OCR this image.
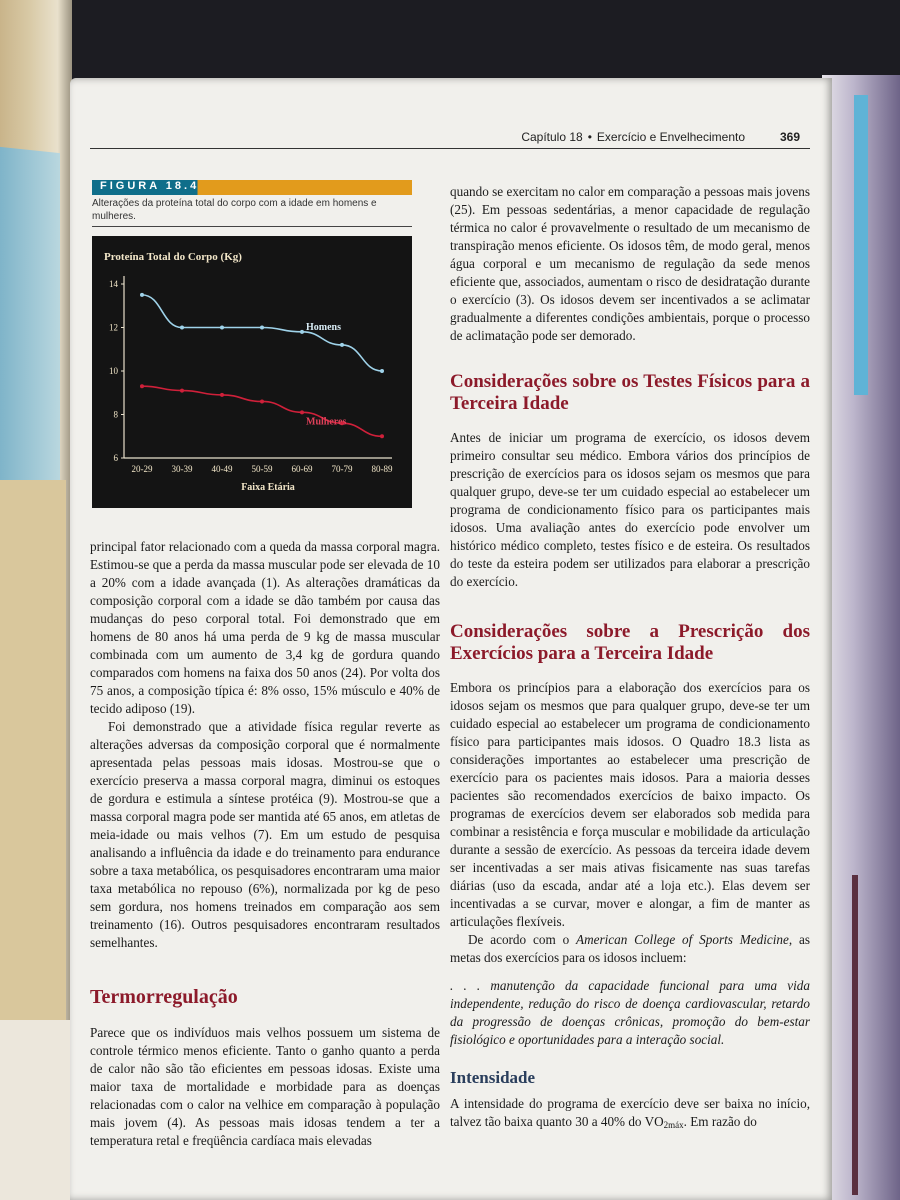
Capítulo 18 • Exercício e Envelhecimento	369
FIGURA 18.4
Alterações da proteína total do corpo com a idade em homens e mulheres.
Proteína Total do Corpo (Kg)
14
12
10
8
6
20-29 30-39 40-49 50-59 60-69 70-79 80-89
Faixa Etária
Homens
Mulheres

principal fator relacionado com a queda da massa corporal magra. Estimou-se que a perda da massa muscular pode ser elevada de 10 a 20% com a idade avançada (1). As alterações dramáticas da composição corporal com a idade se dão também por causa das mudanças do peso corporal total. Foi demonstrado que em homens de 80 anos há uma perda de 9 kg de massa muscular combinada com um aumento de 3,4 kg de gordura quando comparados com homens na faixa dos 50 anos (24). Por volta dos 75 anos, a composição típica é: 8% osso, 15% músculo e 40% de tecido adiposo (19).

Foi demonstrado que a atividade física regular reverte as alterações adversas da composição corporal que é normalmente apresentada pelas pessoas mais idosas. Mostrou-se que o exercício preserva a massa corporal magra, diminui os estoques de gordura e estimula a síntese protéica (9). Mostrou-se que a massa corporal magra pode ser mantida até 65 anos, em atletas de meia-idade ou mais velhos (7). Em um estudo de pesquisa analisando a influência da idade e do treinamento para endurance sobre a taxa metabólica, os pesquisadores encontraram uma maior taxa metabólica no repouso (6%), normalizada por kg de peso sem gordura, nos homens treinados em comparação aos sem treinamento (16). Outros pesquisadores encontraram resultados semelhantes.

Termorregulação

Parece que os indivíduos mais velhos possuem um sistema de controle térmico menos eficiente. Tanto o ganho quanto a perda de calor não são tão eficientes em pessoas idosas. Existe uma maior taxa de mortalidade e morbidade para as doenças relacionadas com o calor na velhice em comparação à população mais jovem (4). As pessoas mais idosas tendem a ter a temperatura retal e freqüência cardíaca mais elevadas

quando se exercitam no calor em comparação a pessoas mais jovens (25). Em pessoas sedentárias, a menor capacidade de regulação térmica no calor é provavelmente o resultado de um mecanismo de transpiração menos eficiente. Os idosos têm, de modo geral, menos água corporal e um mecanismo de regulação da sede menos eficiente que, associados, aumentam o risco de desidratação durante o exercício (3). Os idosos devem ser incentivados a se aclimatar gradualmente a diferentes condições ambientais, porque o processo de aclimatação pode ser demorado.

Considerações sobre os Testes Físicos para a Terceira Idade

Antes de iniciar um programa de exercício, os idosos devem primeiro consultar seu médico. Embora vários dos princípios de prescrição de exercícios para os idosos sejam os mesmos que para qualquer grupo, deve-se ter um cuidado especial ao estabelecer um programa de condicionamento físico para os participantes mais idosos. Uma avaliação antes do exercício pode envolver um histórico médico completo, testes físico e de esteira. Os resultados do teste da esteira podem ser utilizados para elaborar a prescrição do exercício.

Considerações sobre a Prescrição dos Exercícios para a Terceira Idade

Embora os princípios para a elaboração dos exercícios para os idosos sejam os mesmos que para qualquer grupo, deve-se ter um cuidado especial ao estabelecer um programa de condicionamento físico para participantes mais idosos. O Quadro 18.3 lista as considerações importantes ao estabelecer uma prescrição de exercício para os pacientes mais idosos. Para a maioria desses pacientes são recomendados exercícios de baixo impacto. Os programas de exercícios devem ser elaborados sob medida para combinar a resistência e força muscular e mobilidade da articulação durante a sessão de exercício. As pessoas da terceira idade devem ser incentivadas a ser mais ativas fisicamente nas suas tarefas diárias (uso da escada, andar até a loja etc.). Elas devem ser incentivadas a se curvar, mover e alongar, a fim de manter as articulações flexíveis.

De acordo com o American College of Sports Medicine, as metas dos exercícios para os idosos incluem:

. . . manutenção da capacidade funcional para uma vida independente, redução do risco de doença cardiovascular, retardo da progressão de doenças crônicas, promoção do bem-estar fisiológico e oportunidades para a interação social.

Intensidade

A intensidade do programa de exercício deve ser baixa no início, talvez tão baixa quanto 30 a 40% do $VO_{2máx}$. Em razão do
